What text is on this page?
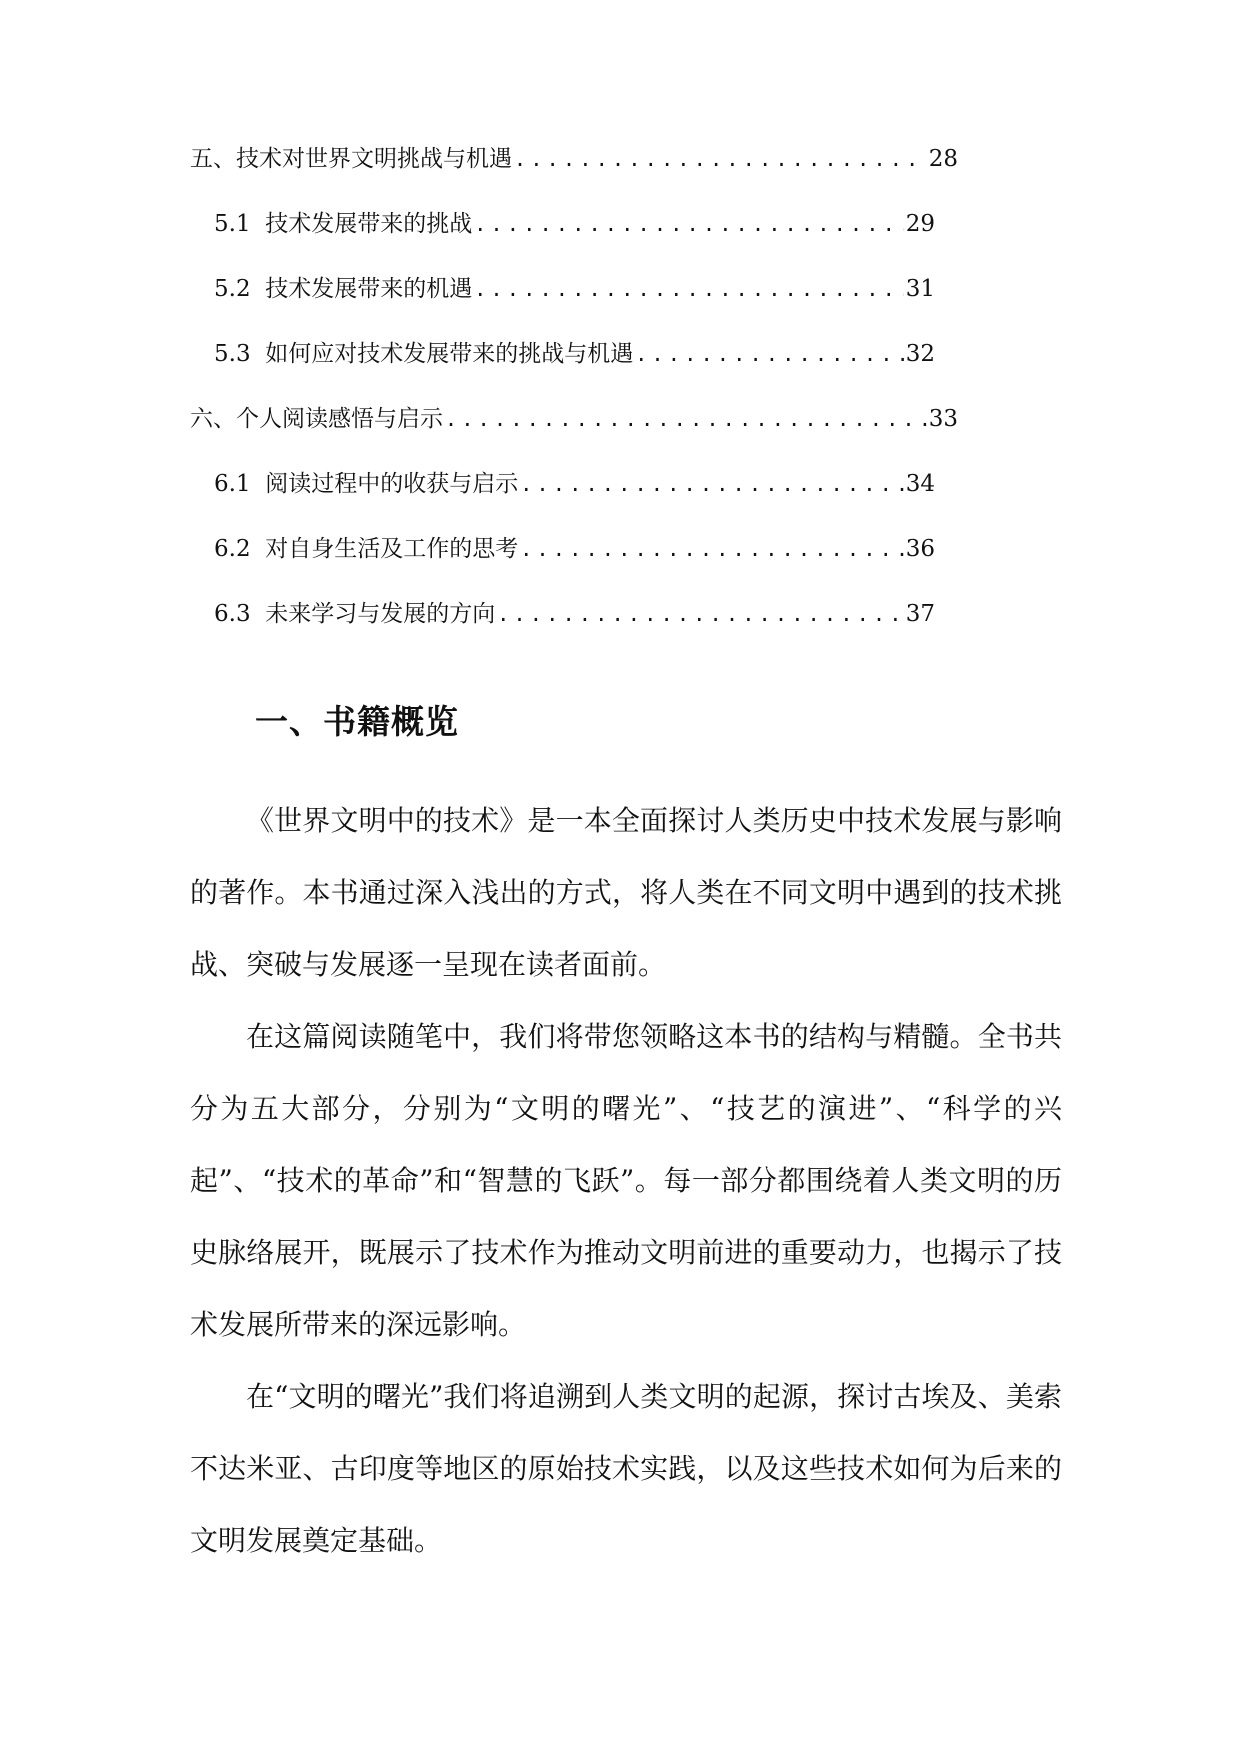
五、 技术对世界文明挑战与机遇 .....	28
5.1 技术发展带来的挑战 .....	29
5.2 技术发展带来的机遇 .....	31
5.3 如何应对技术发展带来的挑战与机遇 .....	32
六、 个人阅读感悟与启示 .....	33
6.1 阅读过程中的收获与启示 .....	34
6.2 对自身生活及工作的思考 .....	36
6.3 未来学习与发展的方向 .....	37
一、书籍概览

《世界文明中的技术》是一本全面探讨人类历史中技术发展与影响的著作。本书通过深入浅出的方式，将人类在不同文明中遇到的技术挑战、突破与发展逐一呈现在读者面前。

在这篇阅读随笔中，我们将带您领略这本书的结构与精髓。全书共分为五大部分，分别为“文明的曙光”、“技艺的演进”、“科学的兴起”、“技术的革命”和“智慧的飞跃”。每一部分都围绕着人类文明的历史脉络展开，既展示了技术作为推动文明前进的重要动力，也揭示了技术发展所带来的深远影响。

在“文明的曙光”我们将追溯到人类文明的起源，探讨古埃及、美索不达米亚、古印度等地区的原始技术实践，以及这些技术如何为后来的文明发展奠定基础。
